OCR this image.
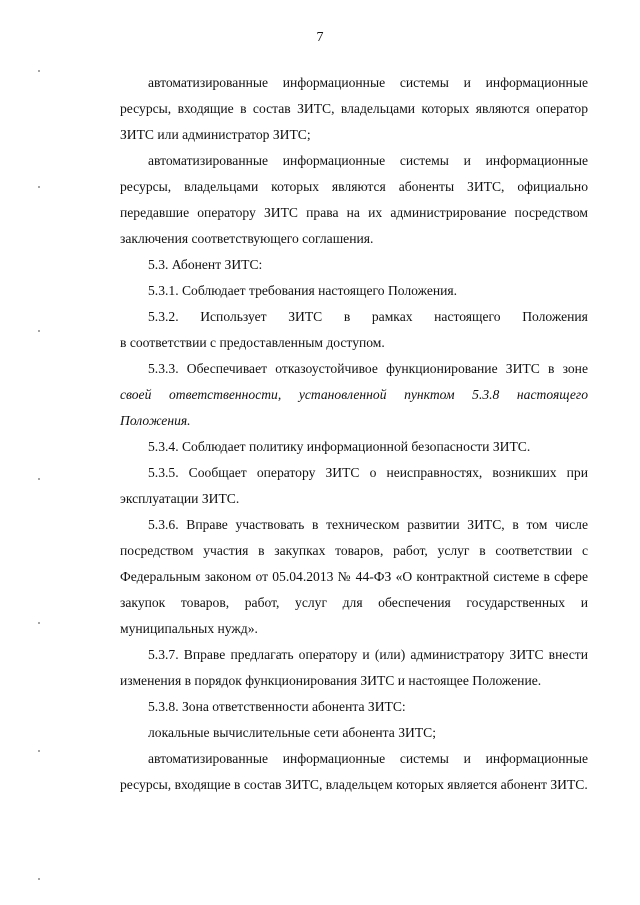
7

автоматизированные информационные системы и информационные ресурсы, входящие в состав ЗИТС, владельцами которых являются оператор ЗИТС или администратор ЗИТС;

автоматизированные информационные системы и информационные ресурсы, владельцами которых являются абоненты ЗИТС, официально передавшие оператору ЗИТС права на их администрирование посредством заключения соответствующего соглашения.

5.3. Абонент ЗИТС:

5.3.1. Соблюдает требования настоящего Положения.

5.3.2. Использует ЗИТС в рамках настоящего Положения

в соответствии с предоставленным доступом.

5.3.3. Обеспечивает отказоустойчивое функционирование ЗИТС в зоне своей ответственности, установленной пунктом 5.3.8 настоящего Положения.

5.3.4. Соблюдает политику информационной безопасности ЗИТС.

5.3.5. Сообщает оператору ЗИТС о неисправностях, возникших при эксплуатации ЗИТС.

5.3.6. Вправе участвовать в техническом развитии ЗИТС, в том числе посредством участия в закупках товаров, работ, услуг в соответствии с Федеральным законом от 05.04.2013 № 44-ФЗ «О контрактной системе в сфере закупок товаров, работ, услуг для обеспечения государственных и муниципальных нужд».

5.3.7. Вправе предлагать оператору и (или) администратору ЗИТС внести изменения в порядок функционирования ЗИТС и настоящее Положение.

5.3.8. Зона ответственности абонента ЗИТС:

локальные вычислительные сети абонента ЗИТС;

автоматизированные информационные системы и информационные ресурсы, входящие в состав ЗИТС, владельцем которых является абонент ЗИТС.
